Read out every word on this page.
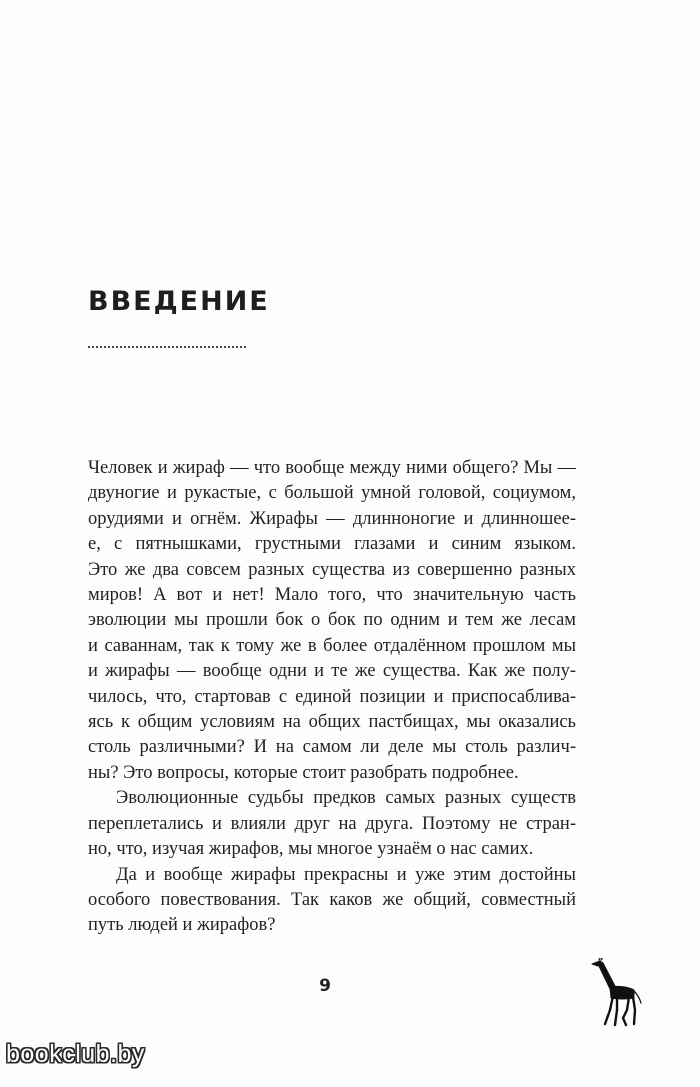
ВВЕДЕНИЕ
Человек и жираф — что вообще между ними общего? Мы —
двуногие и рукастые, с большой умной головой, социумом,
орудиями и огнём. Жирафы — длинноногие и длинношее-
е, с пятнышками, грустными глазами и синим языком.
Это же два совсем разных существа из совершенно разных
миров! А вот и нет! Мало того, что значительную часть
эволюции мы прошли бок о бок по одним и тем же лесам
и саваннам, так к тому же в более отдалённом прошлом мы
и жирафы — вообще одни и те же существа. Как же полу-
чилось, что, стартовав с единой позиции и приспосаблива-
ясь к общим условиям на общих пастбищах, мы оказались
столь различными? И на самом ли деле мы столь различ-
ны? Это вопросы, которые стоит разобрать подробнее.
Эволюционные судьбы предков самых разных существ
переплетались и влияли друг на друга. Поэтому не стран-
но, что, изучая жирафов, мы многое узнаём о нас самих.
Да и вообще жирафы прекрасны и уже этим достойны
особого повествования. Так каков же общий, совместный
путь людей и жирафов?
9
bookclub.by
